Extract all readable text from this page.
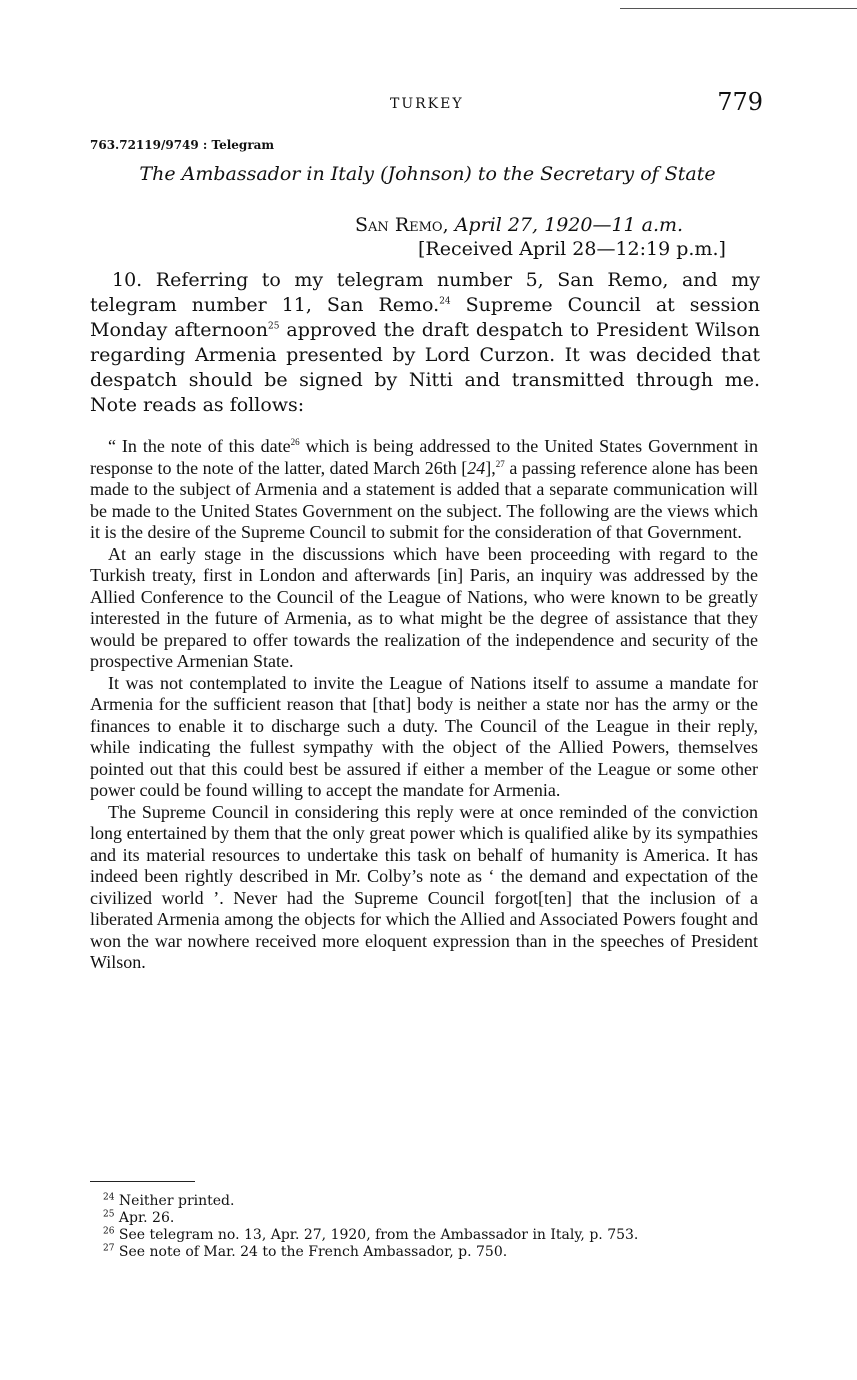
TURKEY	779
763.72119/9749 : Telegram
The Ambassador in Italy (Johnson) to the Secretary of State
San Remo, April 27, 1920—11 a.m.
[Received April 28—12:19 p.m.]

10. Referring to my telegram number 5, San Remo, and my telegram number 11, San Remo.$^{24}$ Supreme Council at session Monday afternoon$^{25}$ approved the draft despatch to President Wilson regarding Armenia presented by Lord Curzon. It was decided that despatch should be signed by Nitti and transmitted through me. Note reads as follows:

“ In the note of this date$^{26}$ which is being addressed to the United States Government in response to the note of the latter, dated March 26th [24],$^{27}$ a passing reference alone has been made to the subject of Armenia and a statement is added that a separate communication will be made to the United States Government on the subject. The following are the views which it is the desire of the Supreme Council to submit for the consideration of that Government.

At an early stage in the discussions which have been proceeding with regard to the Turkish treaty, first in London and afterwards [in] Paris, an inquiry was addressed by the Allied Conference to the Council of the League of Nations, who were known to be greatly interested in the future of Armenia, as to what might be the degree of assistance that they would be prepared to offer towards the realization of the independence and security of the prospective Armenian State.

It was not contemplated to invite the League of Nations itself to assume a mandate for Armenia for the sufficient reason that [that] body is neither a state nor has the army or the finances to enable it to discharge such a duty. The Council of the League in their reply, while indicating the fullest sympathy with the object of the Allied Powers, themselves pointed out that this could best be assured if either a member of the League or some other power could be found willing to accept the mandate for Armenia.

The Supreme Council in considering this reply were at once reminded of the conviction long entertained by them that the only great power which is qualified alike by its sympathies and its material resources to undertake this task on behalf of humanity is America. It has indeed been rightly described in Mr. Colby’s note as ‘ the demand and expectation of the civilized world ’. Never had the Supreme Council forgot[ten] that the inclusion of a liberated Armenia among the objects for which the Allied and Associated Powers fought and won the war nowhere received more eloquent expression than in the speeches of President Wilson.

$^{24}$ Neither printed.
$^{25}$ Apr. 26.
$^{26}$ See telegram no. 13, Apr. 27, 1920, from the Ambassador in Italy, p. 753.
$^{27}$ See note of Mar. 24 to the French Ambassador, p. 750.
